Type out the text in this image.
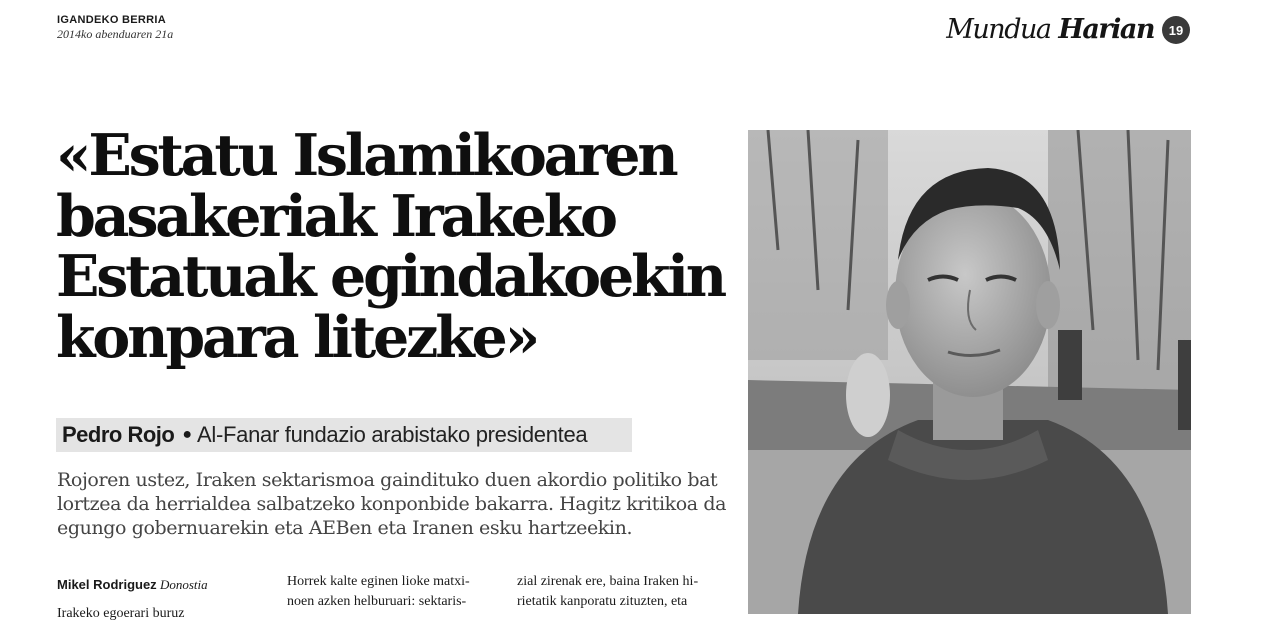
IGANDEKO BERRIA
2014ko abenduaren 21a	Mundua Harian	19
«Estatu Islamikoaren
basakeriak Irakeko
Estatuak egindakoekin
konpara litezke»
Pedro Rojo ● Al-Fanar fundazio arabistako presidentea

Rojoren ustez, Iraken sektarismoa gaindituko duen akordio politiko bat lortzea da herrialdea salbatzeko konponbide bakarra. Hagitz kritikoa da egungo gobernuarekin eta AEBen eta Iranen esku hartzeekin.

Mikel Rodriguez Donostia

Irakeko egoerari buruz

Horrek kalte eginen lioke matxi-
noen azken helburuari: sektaris-

zial zirenak ere, baina Iraken hi-
rietatik kanporatu zituzten, eta
